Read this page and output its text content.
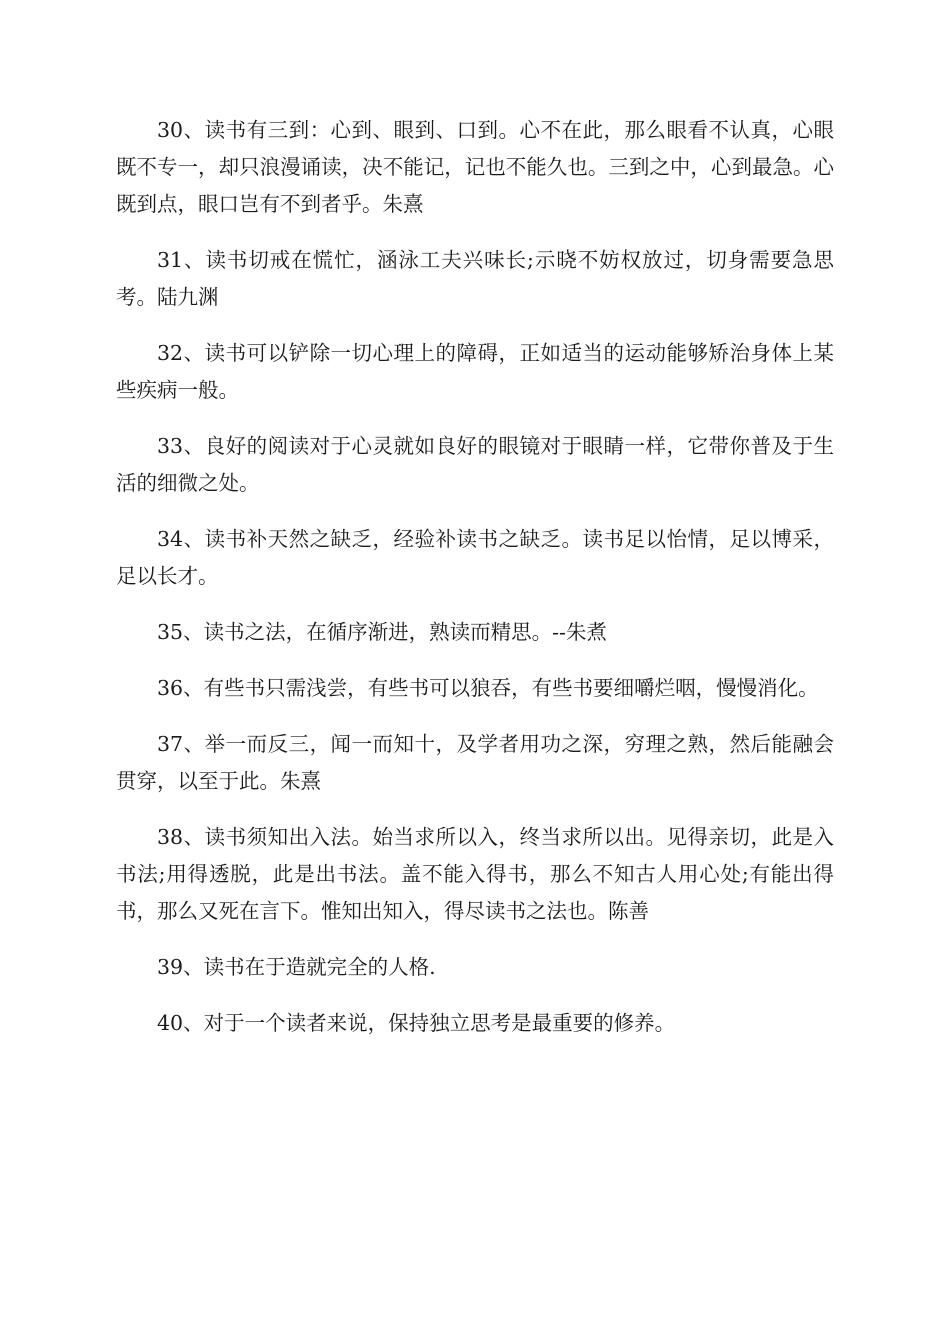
30、读书有三到：心到、眼到、口到。心不在此，那么眼看不认真，心眼既不专一，却只浪漫诵读，决不能记，记也不能久也。三到之中，心到最急。心既到点，眼口岂有不到者乎。朱熹

31、读书切戒在慌忙，涵泳工夫兴味长;示晓不妨权放过，切身需要急思考。陆九渊

32、读书可以铲除一切心理上的障碍，正如适当的运动能够矫治身体上某些疾病一般。

33、良好的阅读对于心灵就如良好的眼镜对于眼睛一样，它带你普及于生活的细微之处。

34、读书补天然之缺乏，经验补读书之缺乏。读书足以怡情，足以博采，足以长才。

35、读书之法，在循序渐进，熟读而精思。--朱煮

36、有些书只需浅尝，有些书可以狼吞，有些书要细嚼烂咽，慢慢消化。

37、举一而反三，闻一而知十，及学者用功之深，穷理之熟，然后能融会贯穿，以至于此。朱熹

38、读书须知出入法。始当求所以入，终当求所以出。见得亲切，此是入书法;用得透脱，此是出书法。盖不能入得书，那么不知古人用心处;有能出得书，那么又死在言下。惟知出知入，得尽读书之法也。陈善

39、读书在于造就完全的人格.

40、对于一个读者来说，保持独立思考是最重要的修养。
